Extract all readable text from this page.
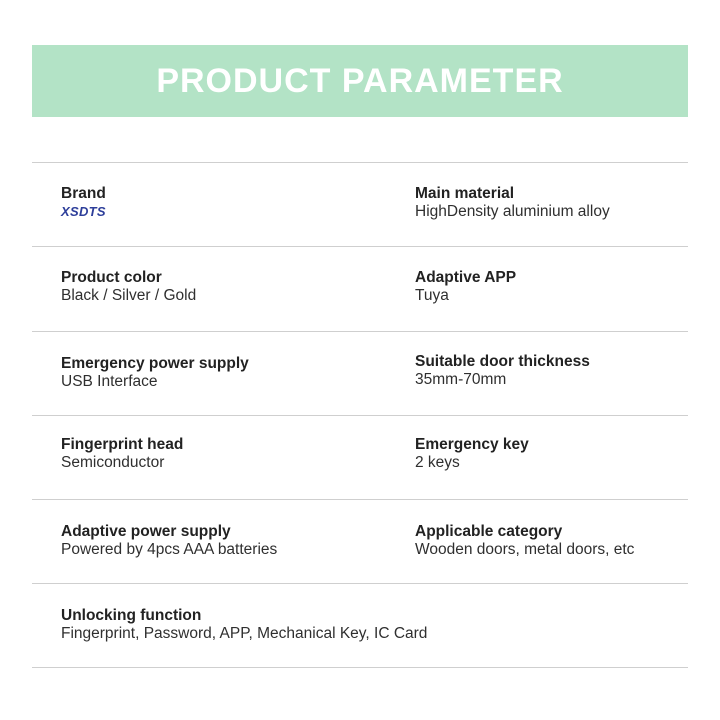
PRODUCT PARAMETER
Brand
XSDTS
Main material
HighDensity aluminium alloy
Product color
Black / Silver / Gold
Adaptive APP
Tuya
Emergency power supply
USB Interface
Suitable door thickness
35mm-70mm
Fingerprint head
Semiconductor
Emergency key
2 keys
Adaptive power supply
Powered by 4pcs AAA batteries
Applicable category
Wooden doors, metal doors, etc
Unlocking function
Fingerprint, Password, APP, Mechanical Key, IC Card
